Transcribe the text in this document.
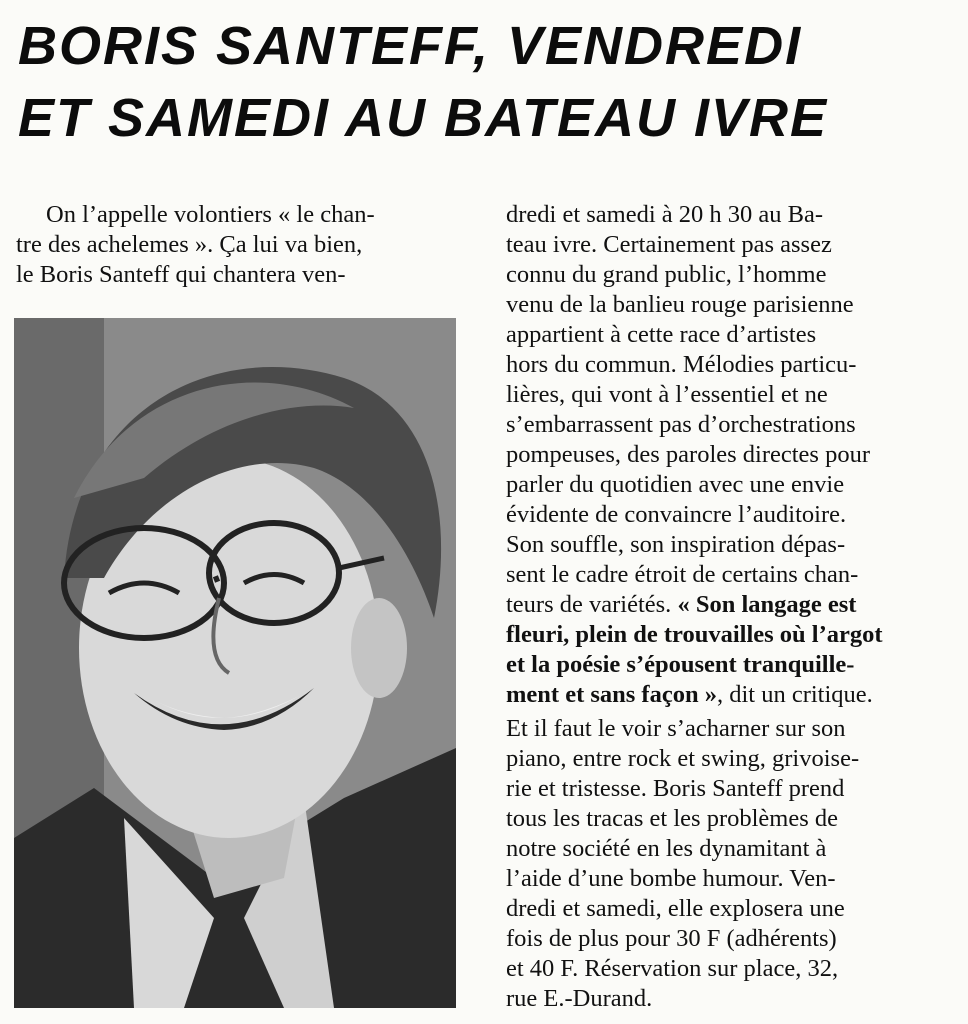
BORIS SANTEFF, VENDREDI
ET SAMEDI AU BATEAU IVRE

On l’appelle volontiers « le chan-
tre des achelemes ». Ça lui va bien,
le Boris Santeff qui chantera ven-

dredi et samedi à 20 h 30 au Ba-
teau ivre. Certainement pas assez
connu du grand public, l’homme
venu de la banlieu rouge parisienne
appartient à cette race d’artistes
hors du commun. Mélodies particu-
lières, qui vont à l’essentiel et ne
s’embarrassent pas d’orchestrations
pompeuses, des paroles directes pour
parler du quotidien avec une envie
évidente de convaincre l’auditoire.
Son souffle, son inspiration dépas-
sent le cadre étroit de certains chan-
teurs de variétés. « Son langage est
fleuri, plein de trouvailles où l’argot
et la poésie s’épousent tranquille-
ment et sans façon », dit un critique.
Et il faut le voir s’acharner sur son
piano, entre rock et swing, grivoise-
rie et tristesse. Boris Santeff prend
tous les tracas et les problèmes de
notre société en les dynamitant à
l’aide d’une bombe humour. Ven-
dredi et samedi, elle explosera une
fois de plus pour 30 F (adhérents)
et 40 F. Réservation sur place, 32,
rue E.-Durand.
